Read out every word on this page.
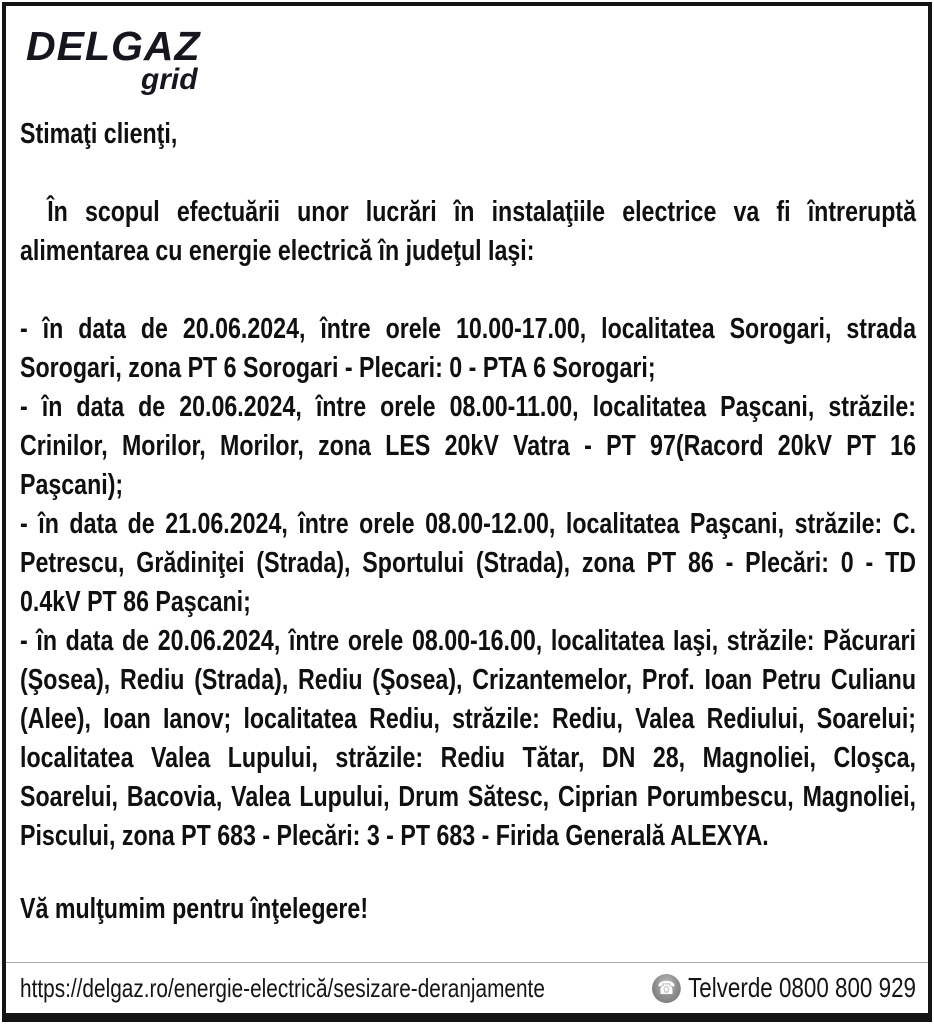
DELGAZ
grid

Stimaţi clienţi,

În scopul efectuării unor lucrări în instalaţiile electrice va fi întreruptă alimentarea cu energie electrică în judeţul Iaşi:

- în data de 20.06.2024, între orele 10.00-17.00, localitatea Sorogari, strada Sorogari, zona PT 6 Sorogari - Plecari: 0 - PTA 6 Sorogari;

- în data de 20.06.2024, între orele 08.00-11.00, localitatea Paşcani, străzile: Crinilor, Morilor, Morilor, zona LES 20kV Vatra - PT 97(Racord 20kV PT 16 Paşcani);

- în data de 21.06.2024, între orele 08.00-12.00, localitatea Paşcani, străzile: C. Petrescu, Grădiniţei (Strada), Sportului (Strada), zona PT 86 - Plecări: 0 - TD 0.4kV PT 86 Paşcani;

- în data de 20.06.2024, între orele 08.00-16.00, localitatea Iaşi, străzile: Păcurari (Şosea), Rediu (Strada), Rediu (Şosea), Crizantemelor, Prof. Ioan Petru Culianu (Alee), Ioan Ianov; localitatea Rediu, străzile: Rediu, Valea Rediului, Soarelui; localitatea Valea Lupului, străzile: Rediu Tătar, DN 28, Magnoliei, Cloşca, Soarelui, Bacovia, Valea Lupului, Drum Sătesc, Ciprian Porumbescu, Magnoliei, Piscului, zona PT 683 - Plecări: 3 - PT 683 - Firida Generală ALEXYA.

Vă mulţumim pentru înţelegere!

https://delgaz.ro/energie-electrică/sesizare-deranjamente	☎ Telverde 0800 800 929
